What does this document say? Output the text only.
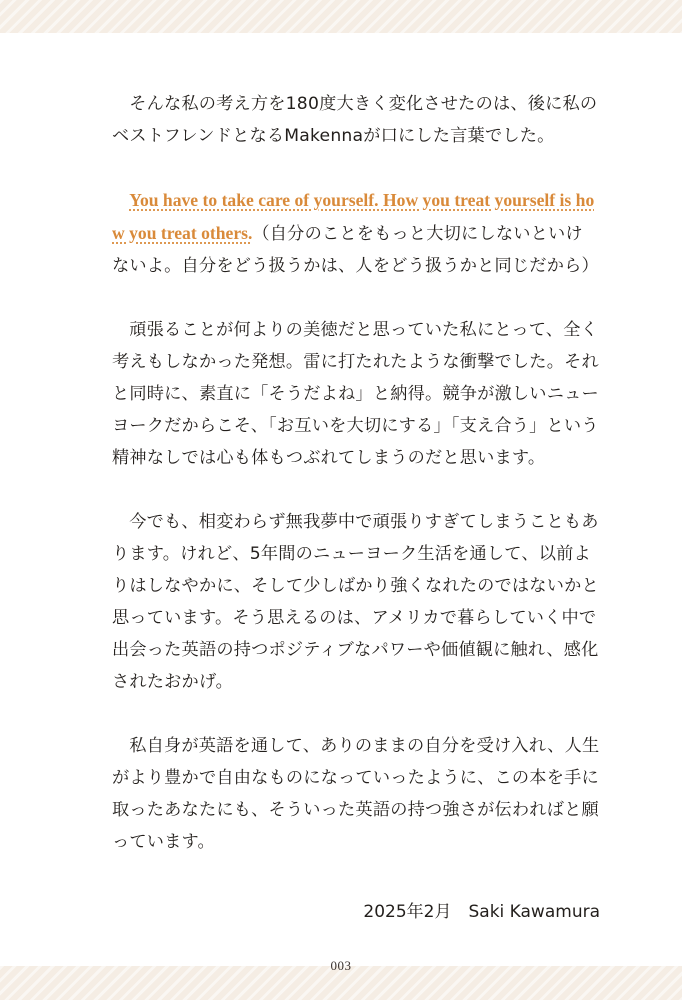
そんな私の考え方を180度大きく変化させたのは、後に私のベストフレンドとなるMakennaが口にした言葉でした。

You have to take care of yourself. How you treat yourself is how you treat others.（自分のことをもっと大切にしないといけないよ。自分をどう扱うかは、人をどう扱うかと同じだから）

頑張ることが何よりの美徳だと思っていた私にとって、全く考えもしなかった発想。雷に打たれたような衝撃でした。それと同時に、素直に「そうだよね」と納得。競争が激しいニューヨークだからこそ、「お互いを大切にする」「支え合う」という精神なしでは心も体もつぶれてしまうのだと思います。

今でも、相変わらず無我夢中で頑張りすぎてしまうこともあります。けれど、5年間のニューヨーク生活を通して、以前よりはしなやかに、そして少しばかり強くなれたのではないかと思っています。そう思えるのは、アメリカで暮らしていく中で出会った英語の持つポジティブなパワーや価値観に触れ、感化されたおかげ。

私自身が英語を通して、ありのままの自分を受け入れ、人生がより豊かで自由なものになっていったように、この本を手に取ったあなたにも、そういった英語の持つ強さが伝わればと願っています。

2025年2月　Saki Kawamura
003
